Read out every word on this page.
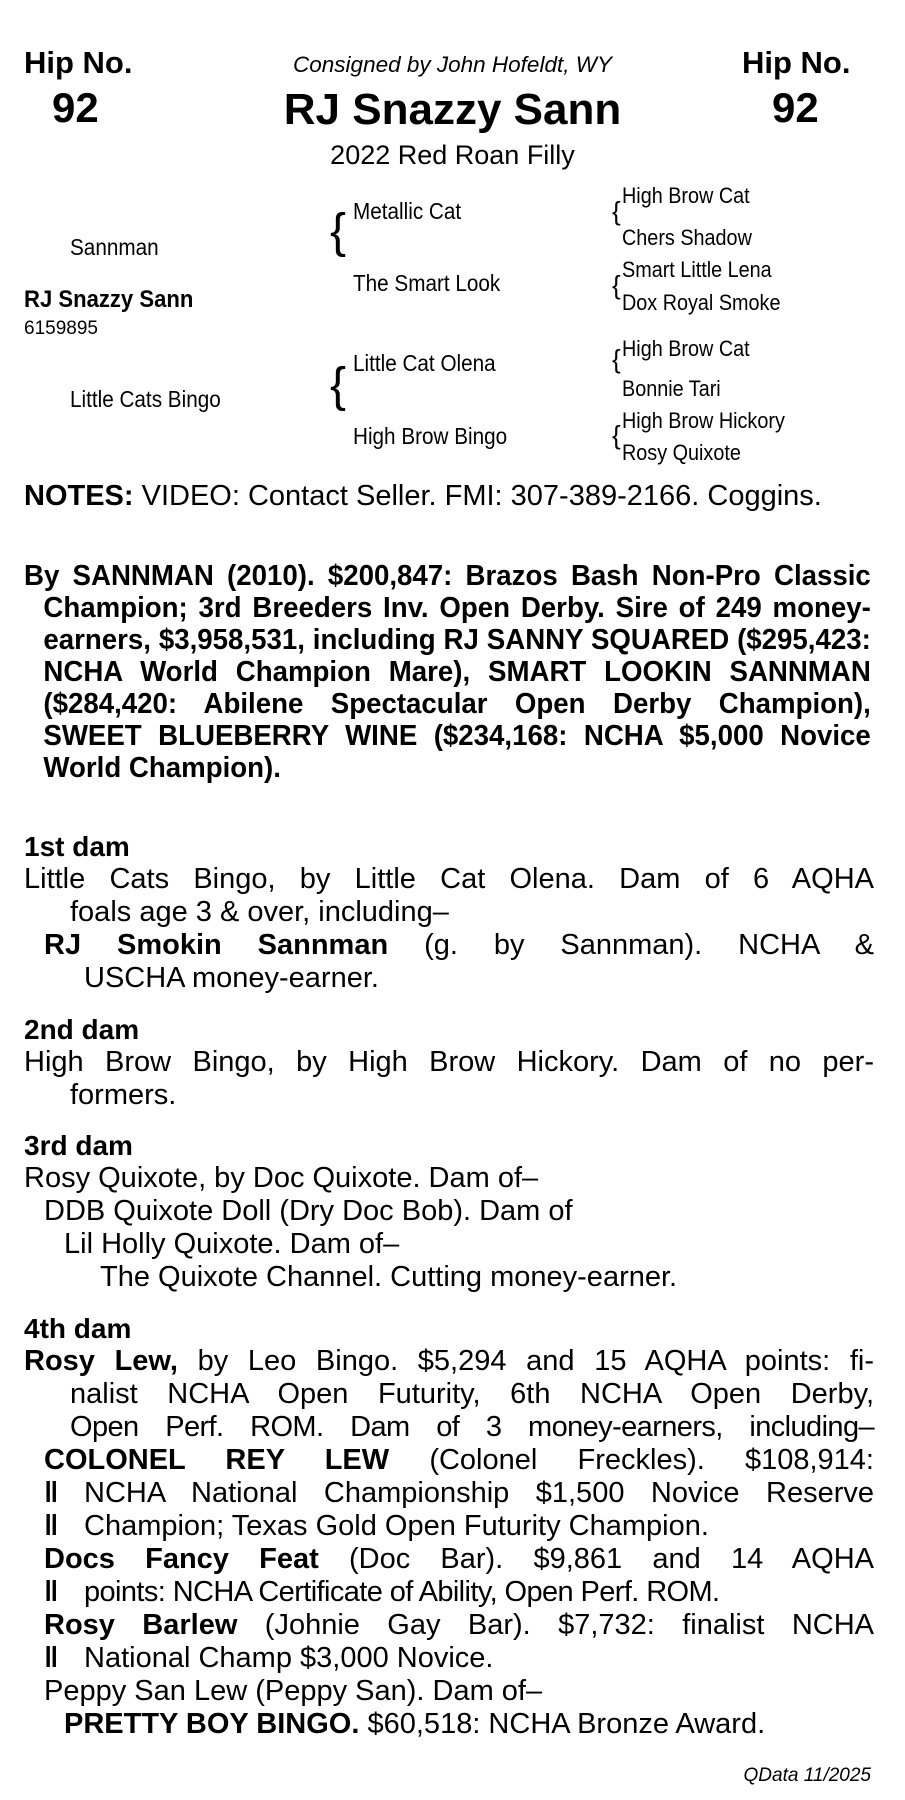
Hip No.
92
Hip No.
92
Consigned by John Hofeldt, WY
RJ Snazzy Sann
2022 Red Roan Filly
Sannman
RJ Snazzy Sann
6159895
Little Cats Bingo
{
{
Metallic Cat
The Smart Look
Little Cat Olena
High Brow Bingo
{
{
{
{
High Brow Cat
Chers Shadow
Smart Little Lena
Dox Royal Smoke
High Brow Cat
Bonnie Tari
High Brow Hickory
Rosy Quixote
NOTES: VIDEO: Contact Seller. FMI: 307-389-2166. Coggins.
By SANNMAN (2010). $200,847: Brazos Bash Non-Pro Classic Champion; 3rd Breeders Inv. Open Derby. Sire of 249 money-earners, $3,958,531, including RJ SANNY SQUARED ($295,423: NCHA World Champion Mare), SMART LOOKIN SANNMAN ($284,420: Abilene Spectacular Open Derby Champion), SWEET BLUEBERRY WINE ($234,168: NCHA $5,000 Novice World Champion).
1st dam
Little Cats Bingo, by Little Cat Olena. Dam of 6 AQHA
foals age 3 & over, including–
RJ Smokin Sannman (g. by Sannman). NCHA &
USCHA money-earner.
2nd dam
High Brow Bingo, by High Brow Hickory. Dam of no per-
formers.
3rd dam
Rosy Quixote, by Doc Quixote. Dam of–
DDB Quixote Doll (Dry Doc Bob). Dam of
Lil Holly Quixote. Dam of–
The Quixote Channel. Cutting money-earner.
4th dam
Rosy Lew, by Leo Bingo. $5,294 and 15 AQHA points: fi-
nalist NCHA Open Futurity, 6th NCHA Open Derby,
Open Perf. ROM. Dam of 3 money-earners, including–
COLONEL REY LEW (Colonel Freckles). $108,914:
‖ NCHA National Championship $1,500 Novice Reserve
‖ Champion; Texas Gold Open Futurity Champion.
Docs Fancy Feat (Doc Bar). $9,861 and 14 AQHA
‖ points: NCHA Certificate of Ability, Open Perf. ROM.
Rosy Barlew (Johnie Gay Bar). $7,732: finalist NCHA
‖ National Champ $3,000 Novice.
Peppy San Lew (Peppy San). Dam of–
PRETTY BOY BINGO. $60,518: NCHA Bronze Award.
QData 11/2025
